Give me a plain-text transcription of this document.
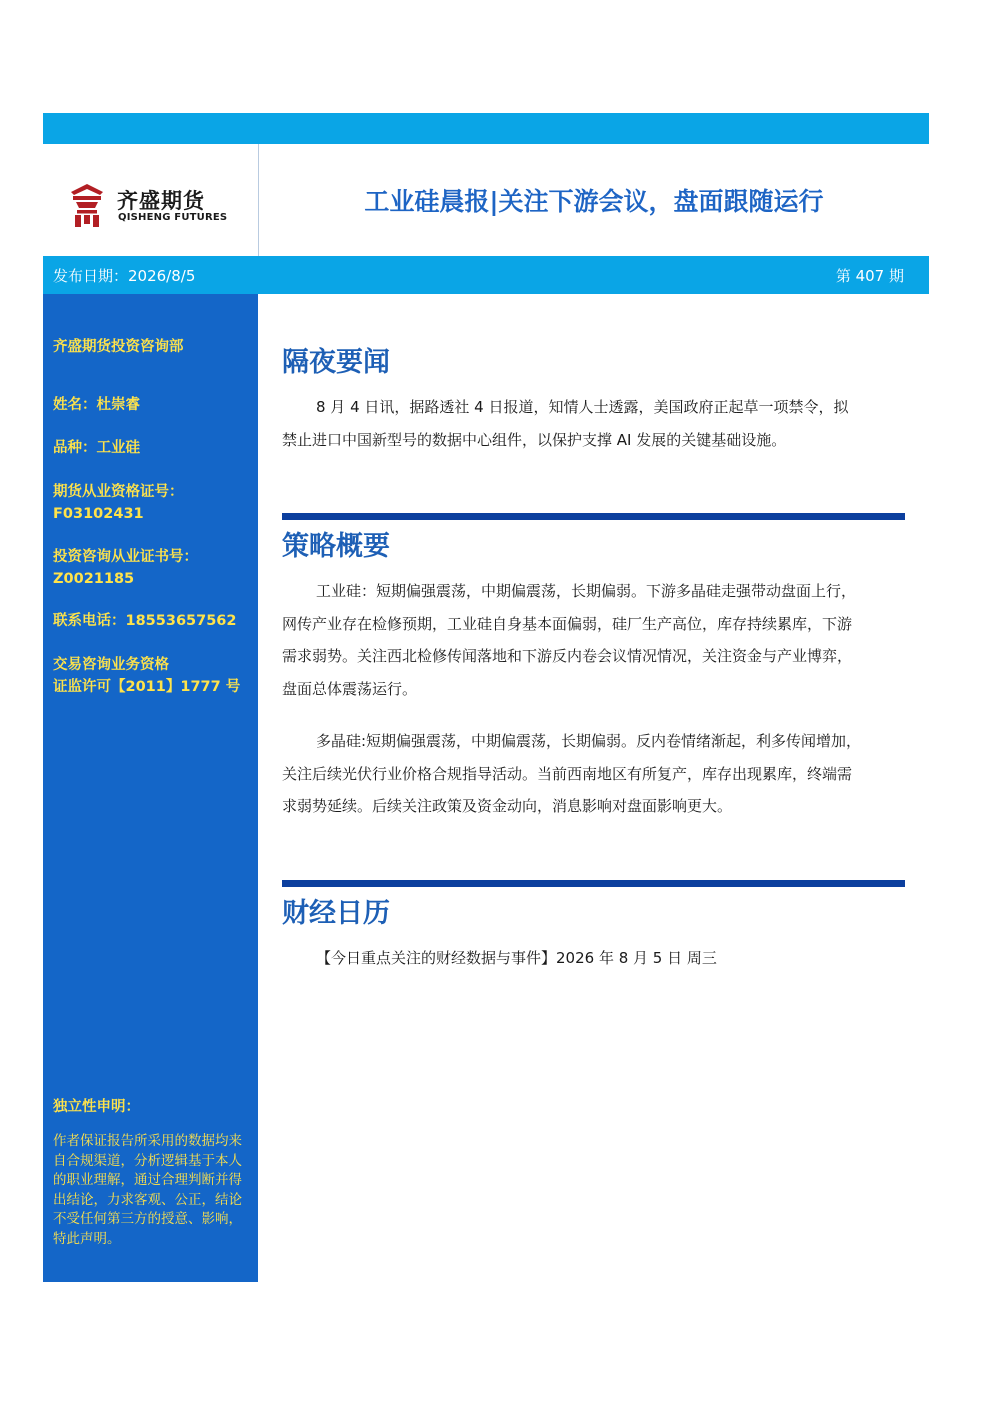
齐盛期货
QISHENG FUTURES
工业硅晨报|关注下游会议，盘面跟随运行
发布日期：2026/8/5	第 407 期
齐盛期货投资咨询部
姓名：杜崇睿
品种：工业硅
期货从业资格证号：
F03102431
投资咨询从业证书号：
Z0021185
联系电话：18553657562
交易咨询业务资格
证监许可【2011】1777 号
独立性申明：
作者保证报告所采用的数据均来自合规渠道，分析逻辑基于本人的职业理解，通过合理判断并得出结论，力求客观、公正，结论不受任何第三方的授意、影响，特此声明。
隔夜要闻
8 月 4 日讯，据路透社 4 日报道，知情人士透露，美国政府正起草一项禁令，拟禁止进口中国新型号的数据中心组件，以保护支撑 AI 发展的关键基础设施。
策略概要
工业硅：短期偏强震荡，中期偏震荡，长期偏弱。下游多晶硅走强带动盘面上行，网传产业存在检修预期，工业硅自身基本面偏弱，硅厂生产高位，库存持续累库，下游需求弱势。关注西北检修传闻落地和下游反内卷会议情况情况，关注资金与产业博弈，盘面总体震荡运行。
多晶硅:短期偏强震荡，中期偏震荡，长期偏弱。反内卷情绪渐起，利多传闻增加，关注后续光伏行业价格合规指导活动。当前西南地区有所复产，库存出现累库，终端需求弱势延续。后续关注政策及资金动向，消息影响对盘面影响更大。
财经日历
【今日重点关注的财经数据与事件】2026 年 8 月 5 日 周三
